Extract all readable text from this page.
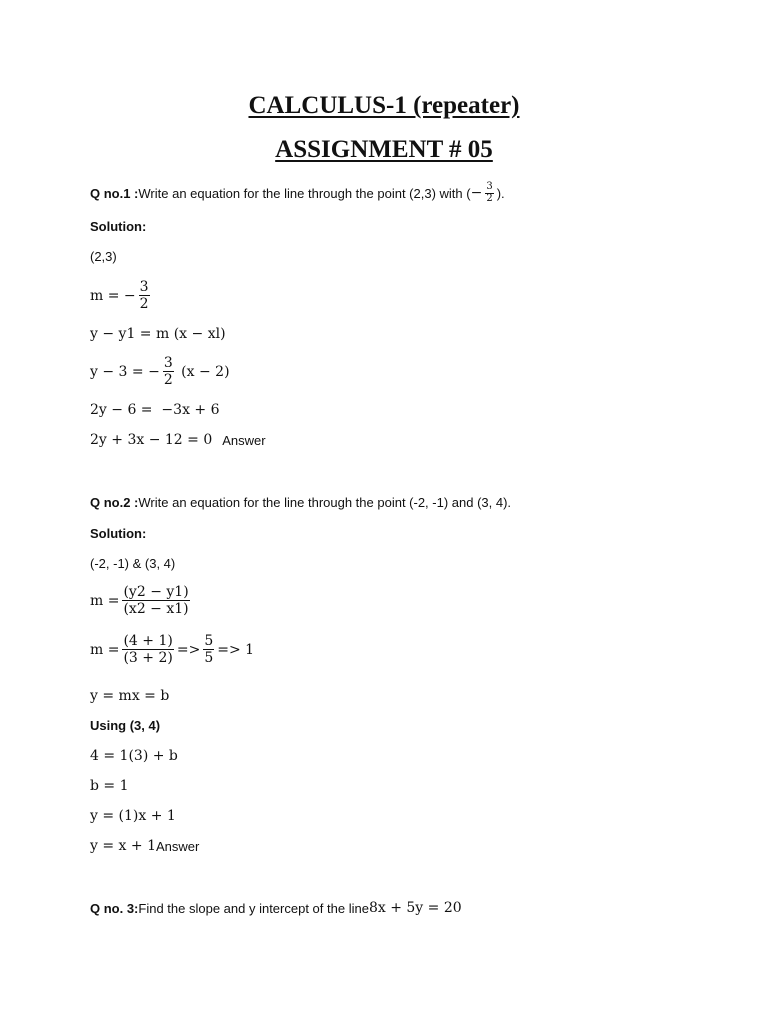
CALCULUS-1 (repeater)
ASSIGNMENT # 05
Q no.1 : Write an equation for the line through the point (2,3) with ( − $\frac{3}{2}$ ).
Solution:
(2,3)
m = − $\frac{3}{2}$
y − y1 = m (x − xl)
y − 3 = − $\frac{3}{2} (x - 2)$
2y − 6 =  −3x + 6
2y + 3x − 12 = 0 Answer
Q no.2 : Write an equation for the line through the point (-2, -1) and (3, 4).
Solution:
(-2, -1) & (3, 4)
$m = \frac{(y2 - y1)}{(x2 - x1)}$
$m = \frac{(4 + 1)}{(3 + 2)} => \frac{5}{5} => 1$
y = mx = b
Using (3, 4)
4 = 1(3) + b
b = 1
y = (1)x + 1
y = x + 1 Answer
Q no. 3: Find the slope and y intercept of the line 8x + 5y = 20
